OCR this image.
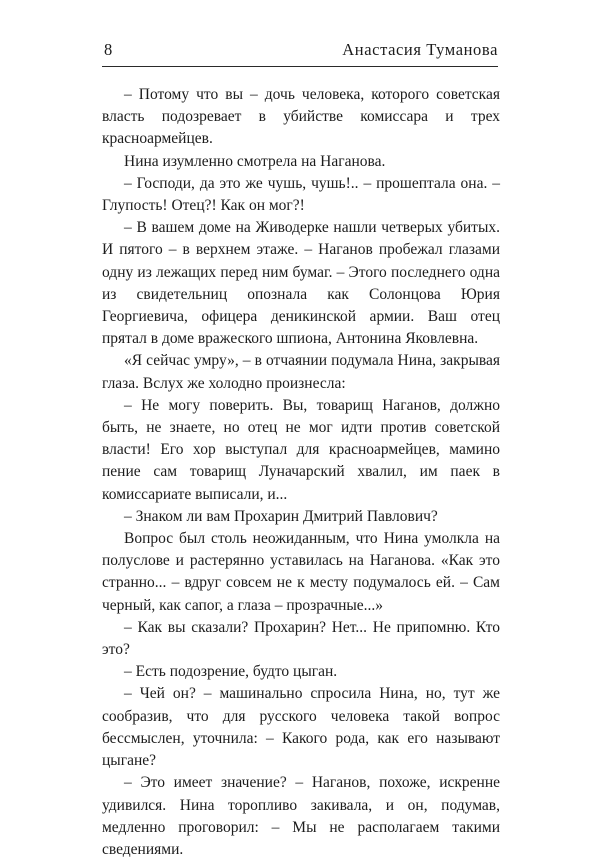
8	Анастасия Туманова

– Потому что вы – дочь человека, которого советская власть подозревает в убийстве комиссара и трех красноармейцев.

Нина изумленно смотрела на Наганова.

– Господи, да это же чушь, чушь!.. – прошептала она. – Глупость! Отец?! Как он мог?!

– В вашем доме на Живодерке нашли четверых убитых. И пятого – в верхнем этаже. – Наганов пробежал глазами одну из лежащих перед ним бумаг. – Этого последнего одна из свидетельниц опознала как Солонцова Юрия Георгиевича, офицера деникинской армии. Ваш отец прятал в доме вражеского шпиона, Антонина Яковлевна.

«Я сейчас умру», – в отчаянии подумала Нина, закрывая глаза. Вслух же холодно произнесла:

– Не могу поверить. Вы, товарищ Наганов, должно быть, не знаете, но отец не мог идти против советской власти! Его хор выступал для красноармейцев, мамино пение сам товарищ Луначарский хвалил, им паек в комиссариате выписали, и...

– Знаком ли вам Прохарин Дмитрий Павлович?

Вопрос был столь неожиданным, что Нина умолкла на полуслове и растерянно уставилась на Наганова. «Как это странно... – вдруг совсем не к месту подумалось ей. – Сам черный, как сапог, а глаза – прозрачные...»

– Как вы сказали? Прохарин? Нет... Не припомню. Кто это?

– Есть подозрение, будто цыган.

– Чей он? – машинально спросила Нина, но, тут же сообразив, что для русского человека такой вопрос бессмыслен, уточнила: – Какого рода, как его называют цыгане?

– Это имеет значение? – Наганов, похоже, искренне удивился. Нина торопливо закивала, и он, подумав, медленно проговорил: – Мы не располагаем такими сведениями.
